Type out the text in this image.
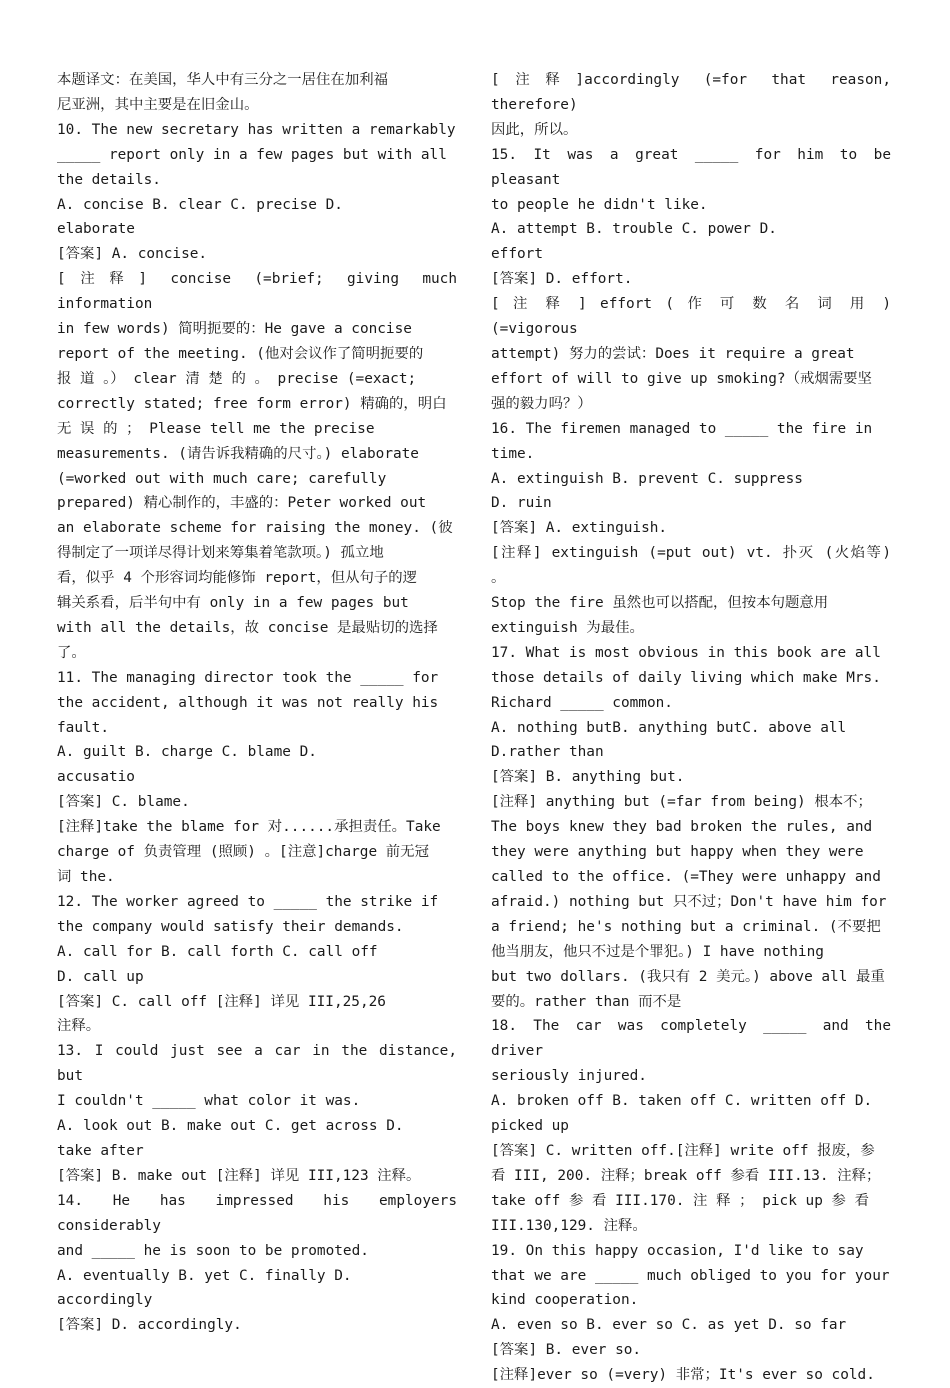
本题译文：在美国，华人中有三分之一居住在加利福
尼亚洲，其中主要是在旧金山。
10. The new secretary has written a remarkably
_____ report only in a few pages but with all
the details.
A. concise B. clear C. precise D.
elaborate
[答案] A. concise.
[注释] concise (=brief; giving much information
in few words) 简明扼要的：He gave a concise
report of the meeting. (他对会议作了简明扼要的
报 道 。） clear 清 楚 的 。 precise (=exact;
correctly stated; free form error) 精确的，明白
无 误 的 ； Please tell me the precise
measurements. (请告诉我精确的尺寸。) elaborate
(=worked out with much care; carefully
prepared) 精心制作的，丰盛的：Peter worked out
an elaborate scheme for raising the money. (彼
得制定了一项详尽得计划来筹集着笔款项。) 孤立地
看，似乎 4 个形容词均能修饰 report，但从句子的逻
辑关系看，后半句中有 only in a few pages but
with all the details，故 concise 是最贴切的选择
了。
11. The managing director took the _____ for
the accident, although it was not really his
fault.
A. guilt B. charge C. blame D.
accusatio
[答案] C. blame.
[注释]take the blame for 对......承担责任。Take
charge of 负责管理 (照顾) 。[注意]charge 前无冠
词 the.
12. The worker agreed to _____ the strike if
the company would satisfy their demands.
A. call for B. call forth C. call off
D. call up
[答案] C. call off [注释] 详见 III,25,26
注释。
13. I could just see a car in the distance, but
I couldn't _____ what color it was.
A. look out B. make out C. get across D.
take after
[答案] B. make out [注释] 详见 III,123 注释。
14. He has impressed his employers considerably
and _____ he is soon to be promoted.
A. eventually B. yet C. finally D.
accordingly
[答案] D. accordingly.
[注释]accordingly (=for that reason, therefore)
因此，所以。
15. It was a great _____ for him to be pleasant
to people he didn't like.
A. attempt B. trouble C. power D.
effort
[答案] D. effort.
[ 注 释 ] effort ( 作 可 数 名 词 用 ) (=vigorous
attempt) 努力的尝试：Does it require a great
effort of will to give up smoking?（戒烟需要坚
强的毅力吗？）
16. The firemen managed to _____ the fire in
time.
A. extinguish B. prevent C. suppress
D. ruin
[答案] A. extinguish.
[注释] extinguish (=put out) vt. 扑灭 (火焰等) 。
Stop the fire 虽然也可以搭配，但按本句题意用
extinguish 为最佳。
17. What is most obvious in this book are all
those details of daily living which make Mrs.
Richard _____ common.
A. nothing butB. anything butC. above all
D.rather than
[答案] B. anything but.
[注释] anything but (=far from being) 根本不；
The boys knew they bad broken the rules, and
they were anything but happy when they were
called to the office. (=They were unhappy and
afraid.) nothing but 只不过；Don't have him for
a friend; he's nothing but a criminal. (不要把
他当朋友，他只不过是个罪犯。) I have nothing
but two dollars. (我只有 2 美元。) above all 最重
要的。rather than 而不是
18. The car was completely _____ and the driver
seriously injured.
A. broken off B. taken off C. written off D.
picked up
[答案] C. written off.[注释] write off 报废，参
看 III, 200. 注释；break off 参看 III.13. 注释；
take off 参 看 III.170. 注 释 ； pick up 参 看
III.130,129. 注释。
19. On this happy occasion, I'd like to say
that we are _____ much obliged to you for your
kind cooperation.
A. even so B. ever so C. as yet D. so far
[答案] B. ever so.
[注释]ever so (=very) 非常；It's ever so cold.
